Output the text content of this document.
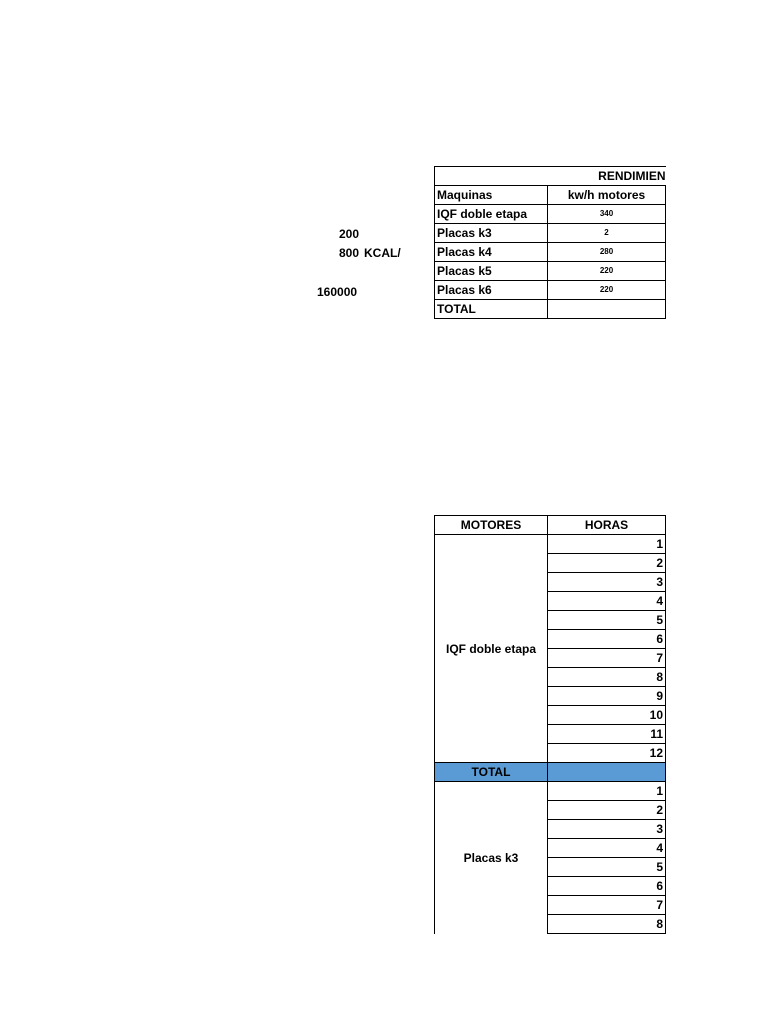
200
800 KCAL/
160000
RENDIMIEN	
Maquinas	kw/h motores
IQF doble etapa	340
Placas k3	2
Placas k4	280
Placas k5	220
Placas k6	220
TOTAL	
MOTORES	HORAS
IQF doble etapa	1
	2
	3
	4
	5
	6
	7
	8
	9
	10
	11
	12
TOTAL	
Placas k3	1
	2
	3
	4
	5
	6
	7
	8
